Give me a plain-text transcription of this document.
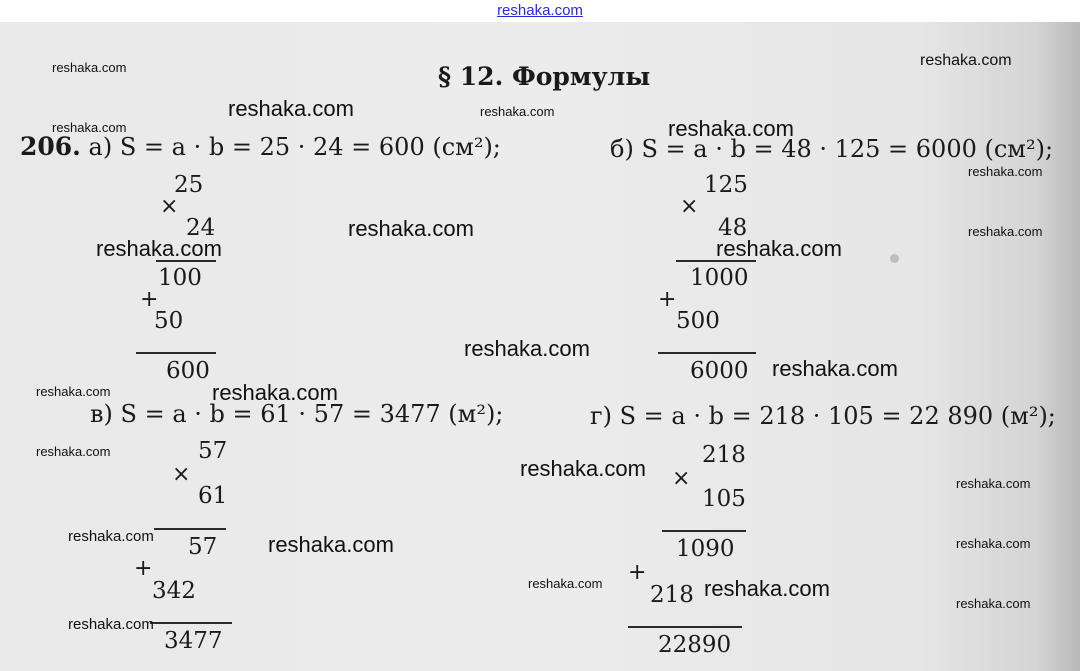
reshaka.com
§ 12. Формулы
206. а) S = a · b = 25 · 24 = 600 (см²);
25
×
24
100
+
50
600
б) S = a · b = 48 · 125 = 6000 (см²);
125
×
48
1000
+
500
6000
в) S = a · b = 61 · 57 = 3477 (м²);
57
×
61
57
+
342
3477
г) S = a · b = 218 · 105 = 22 890 (м²);
218
×
105
1090
+
218
22890
reshaka.com	reshaka.com
reshaka.com	reshaka.com
reshaka.com	reshaka.com
reshaka.com
reshaka.com	reshaka.com
reshaka.com	reshaka.com
reshaka.com
reshaka.com
reshaka.com
reshaka.com
reshaka.com
reshaka.com
reshaka.com
reshaka.com	reshaka.com	reshaka.com
reshaka.com	reshaka.com
reshaka.com
reshaka.com
